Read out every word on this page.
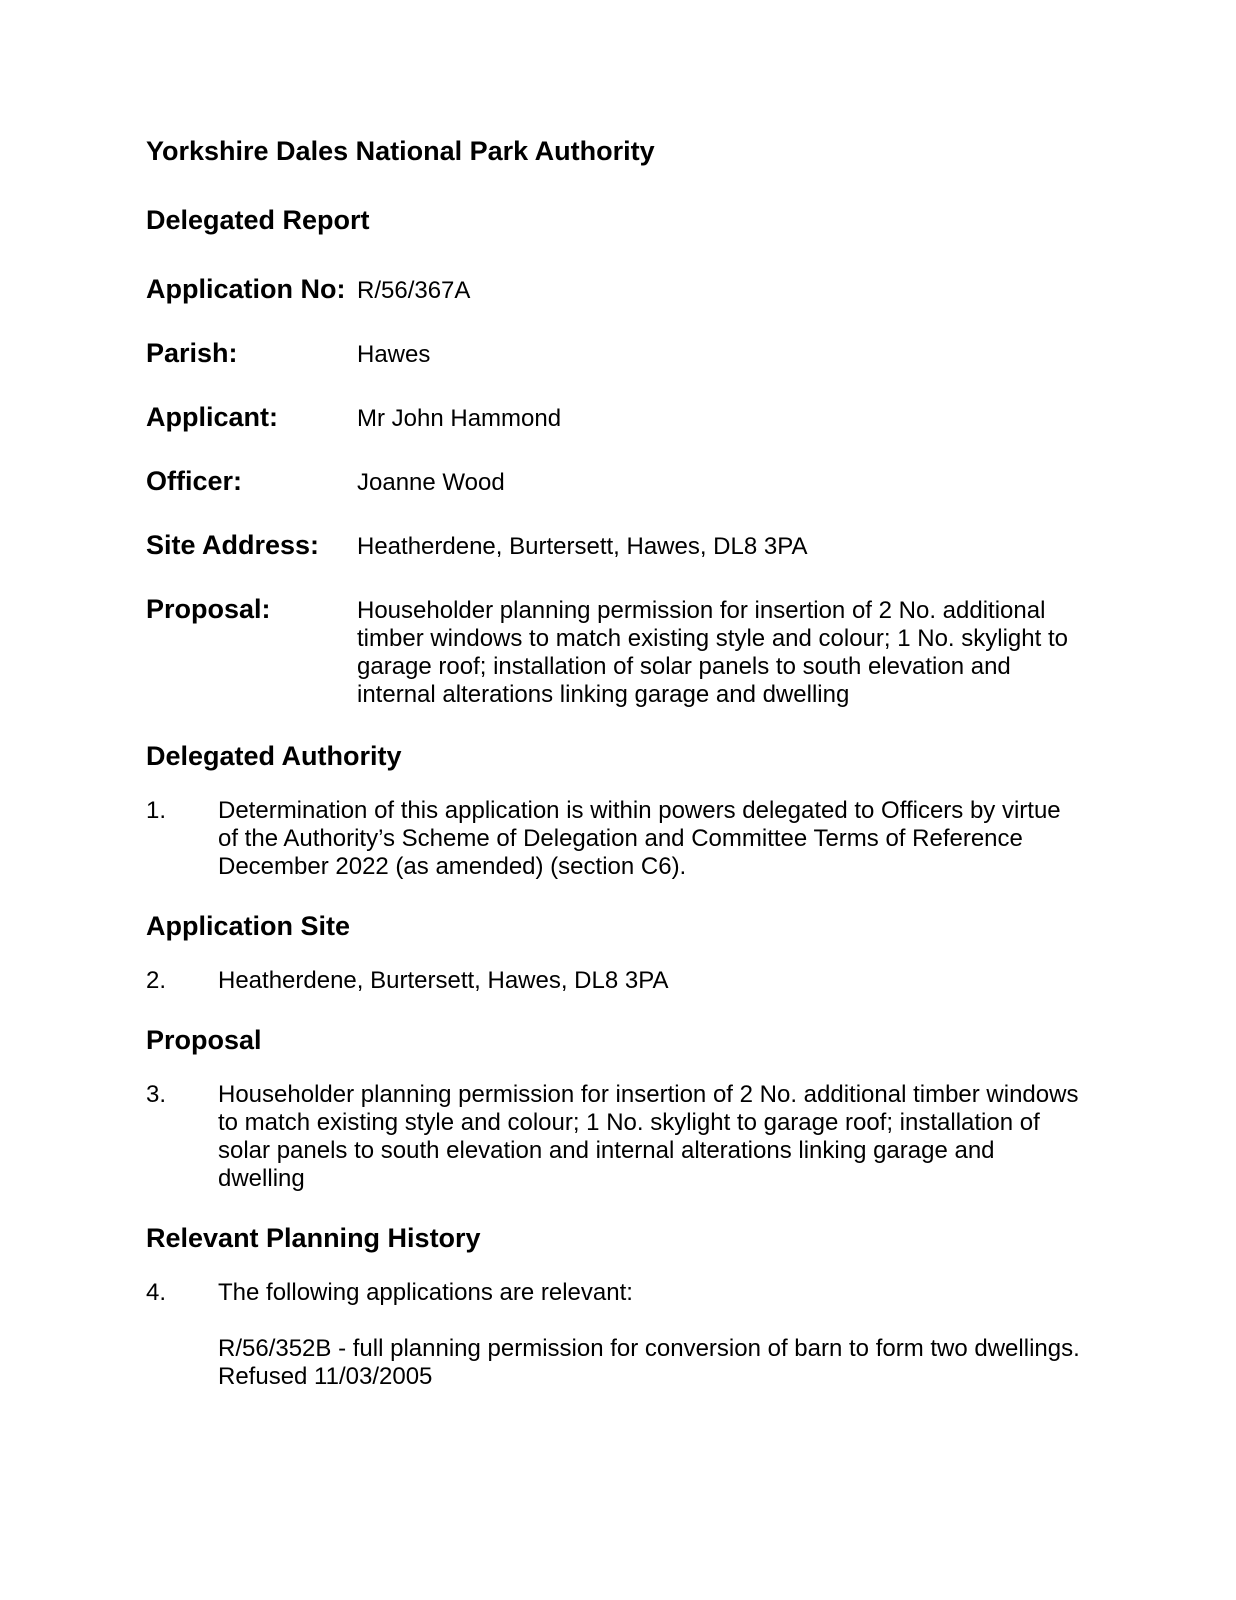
Yorkshire Dales National Park Authority
Delegated Report
Application No: R/56/367A
Parish:	Hawes
Applicant:	Mr John Hammond
Officer:	Joanne Wood
Site Address:	Heatherdene, Burtersett, Hawes, DL8 3PA
Proposal:	Householder planning permission for insertion of 2 No. additional timber windows to match existing style and colour; 1 No. skylight to garage roof; installation of solar panels to south elevation and internal alterations linking garage and dwelling
Delegated Authority
1.	Determination of this application is within powers delegated to Officers by virtue of the Authority’s Scheme of Delegation and Committee Terms of Reference December 2022 (as amended) (section C6).
Application Site
2.	Heatherdene, Burtersett, Hawes, DL8 3PA
Proposal
3.	Householder planning permission for insertion of 2 No. additional timber windows to match existing style and colour; 1 No. skylight to garage roof; installation of solar panels to south elevation and internal alterations linking garage and dwelling
Relevant Planning History
4.	The following applications are relevant:
R/56/352B - full planning permission for conversion of barn to form two dwellings.
Refused 11/03/2005
